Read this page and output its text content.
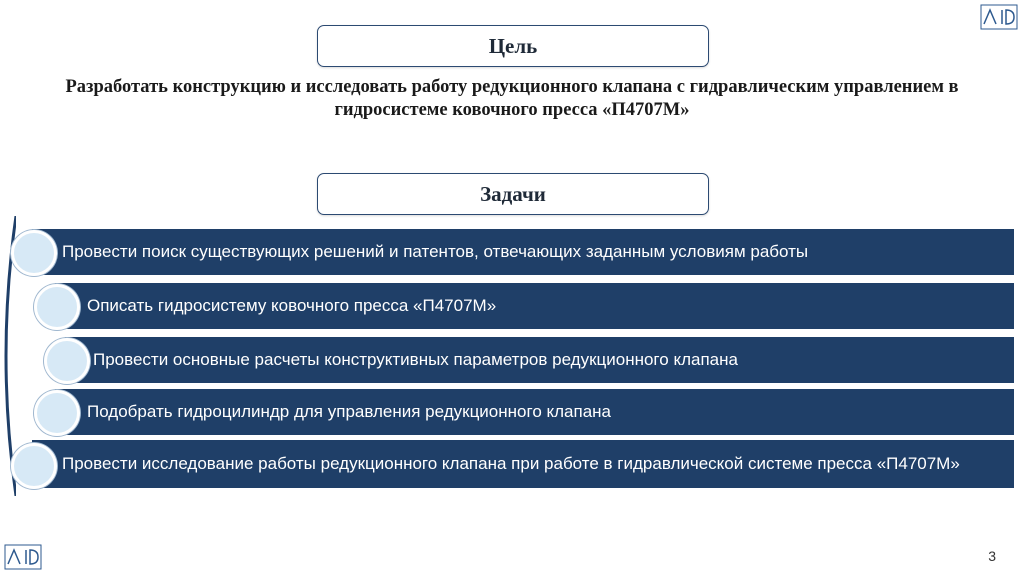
Цель
Разработать конструкцию и исследовать работу редукционного клапана с гидравлическим управлением в гидросистеме ковочного пресса «П4707М»
Задачи
Провести поиск существующих решений и патентов, отвечающих заданным условиям работы
Описать гидросистему ковочного пресса «П4707М»
Провести основные расчеты конструктивных параметров редукционного клапана
Подобрать гидроцилиндр для управления редукционного клапана
Провести исследование работы редукционного клапана при работе в гидравлической системе пресса «П4707М»
3
